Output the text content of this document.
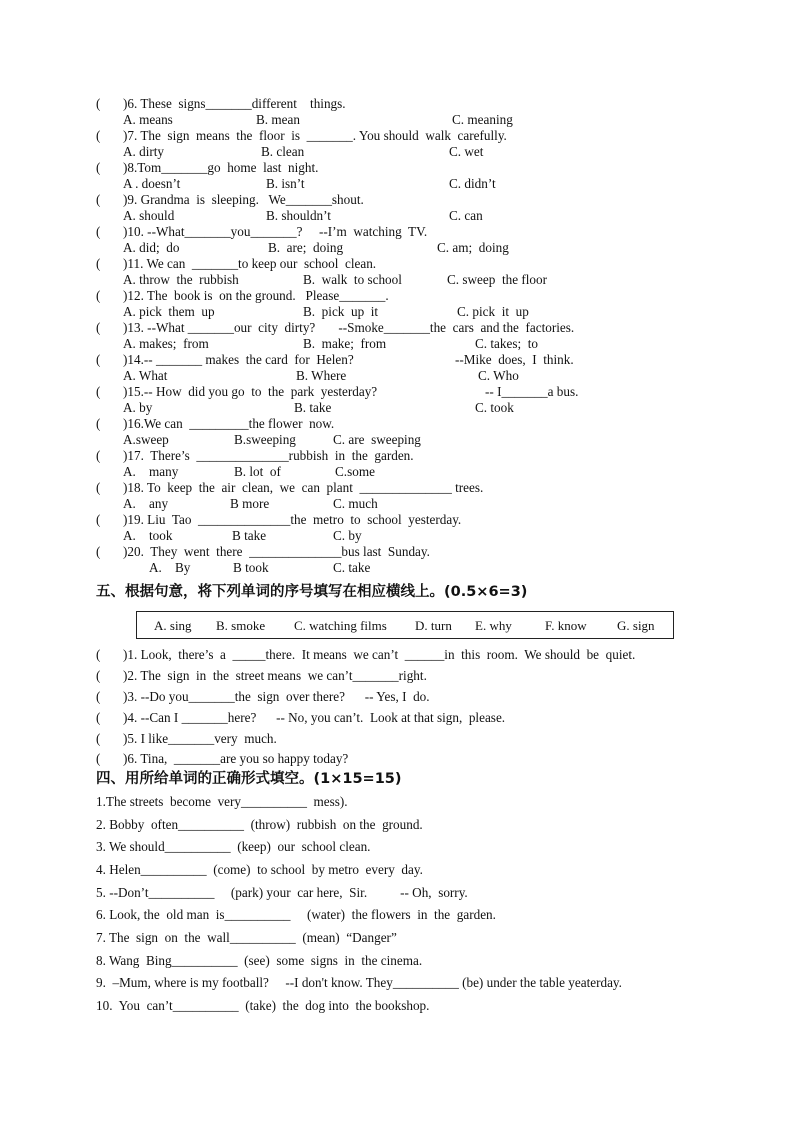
( )6. These  signs_______different    things.
A. means	B. mean	C. meaning
( )7. The  sign  means  the  floor  is  _______. You should  walk  carefully.
A. dirty	B. clean	C. wet
( )8.Tom_______go  home  last  night.
A . doesn’t	B. isn’t	C. didn’t
( )9. Grandma  is  sleeping.   We_______shout.
A. should	B. shouldn’t	C. can
( )10. --What_______you_______?     --I’m  watching  TV.
A. did;  do	B.  are;  doing	C. am;  doing
( )11. We can  _______to keep our  school  clean.
A. throw  the  rubbish	B.  walk  to school	C. sweep  the floor
( )12. The  book is  on the ground.   Please_______.
A. pick  them  up	B.  pick  up  it	C. pick  it  up
( )13. --What _______our  city  dirty?       --Smoke_______the  cars  and the  factories.
A. makes;  from	B.  make;  from	C. takes;  to
( )14.-- _______ makes  the card  for  Helen?	--Mike  does,  I  think.
A. What	B. Where	C. Who
( )15.-- How  did you go  to  the  park  yesterday?	-- I_______a bus.
A. by	B. take	C. took
( )16.We can  _________the flower  now.
A.sweep	B.sweeping	C. are  sweeping
( )17.  There’s  ______________rubbish  in  the  garden.
A.    many	B. lot  of	C.some
( )18. To  keep  the  air  clean,  we  can  plant  ______________ trees.
A.    any	B more	C. much
( )19. Liu  Tao  ______________the  metro  to  school  yesterday.
A.    took	B take	C. by
( )20.  They  went  there  ______________bus last  Sunday.
A.    By	B took	C. take
五、根据句意，将下列单词的序号填写在相应横线上。(0.5×6=3)
A. sing B. smoke C. watching films D. turn E. why	F. know G. sign
( )1. Look,  there’s  a  _____there.  It means  we can’t  ______in  this  room.  We should  be  quiet.
( )2. The  sign  in  the  street means  we can’t_______right.
( )3. --Do you_______the  sign  over there?      -- Yes, I  do.
( )4. --Can I _______here?      -- No, you can’t.  Look at that sign,  please.
( )5. I like_______very  much.
( )6. Tina,  _______are you so happy today?
四、用所给单词的正确形式填空。(1×15=15)
1.The streets  become  very__________  mess).
2. Bobby  often__________  (throw)  rubbish  on the  ground.
3. We should__________  (keep)  our  school clean.
4. Helen__________  (come)  to school  by metro  every  day.
5. --Don’t__________     (park) your  car here,  Sir.          -- Oh,  sorry.
6. Look, the  old man  is__________     (water)  the flowers  in  the  garden.
7. The  sign  on  the  wall__________  (mean)  “Danger”
8. Wang  Bing__________  (see)  some  signs  in  the cinema.
9.  –Mum, where is my football?     --I don't know. They__________ (be) under the table yeaterday.
10.  You  can’t__________  (take)  the  dog into  the bookshop.
